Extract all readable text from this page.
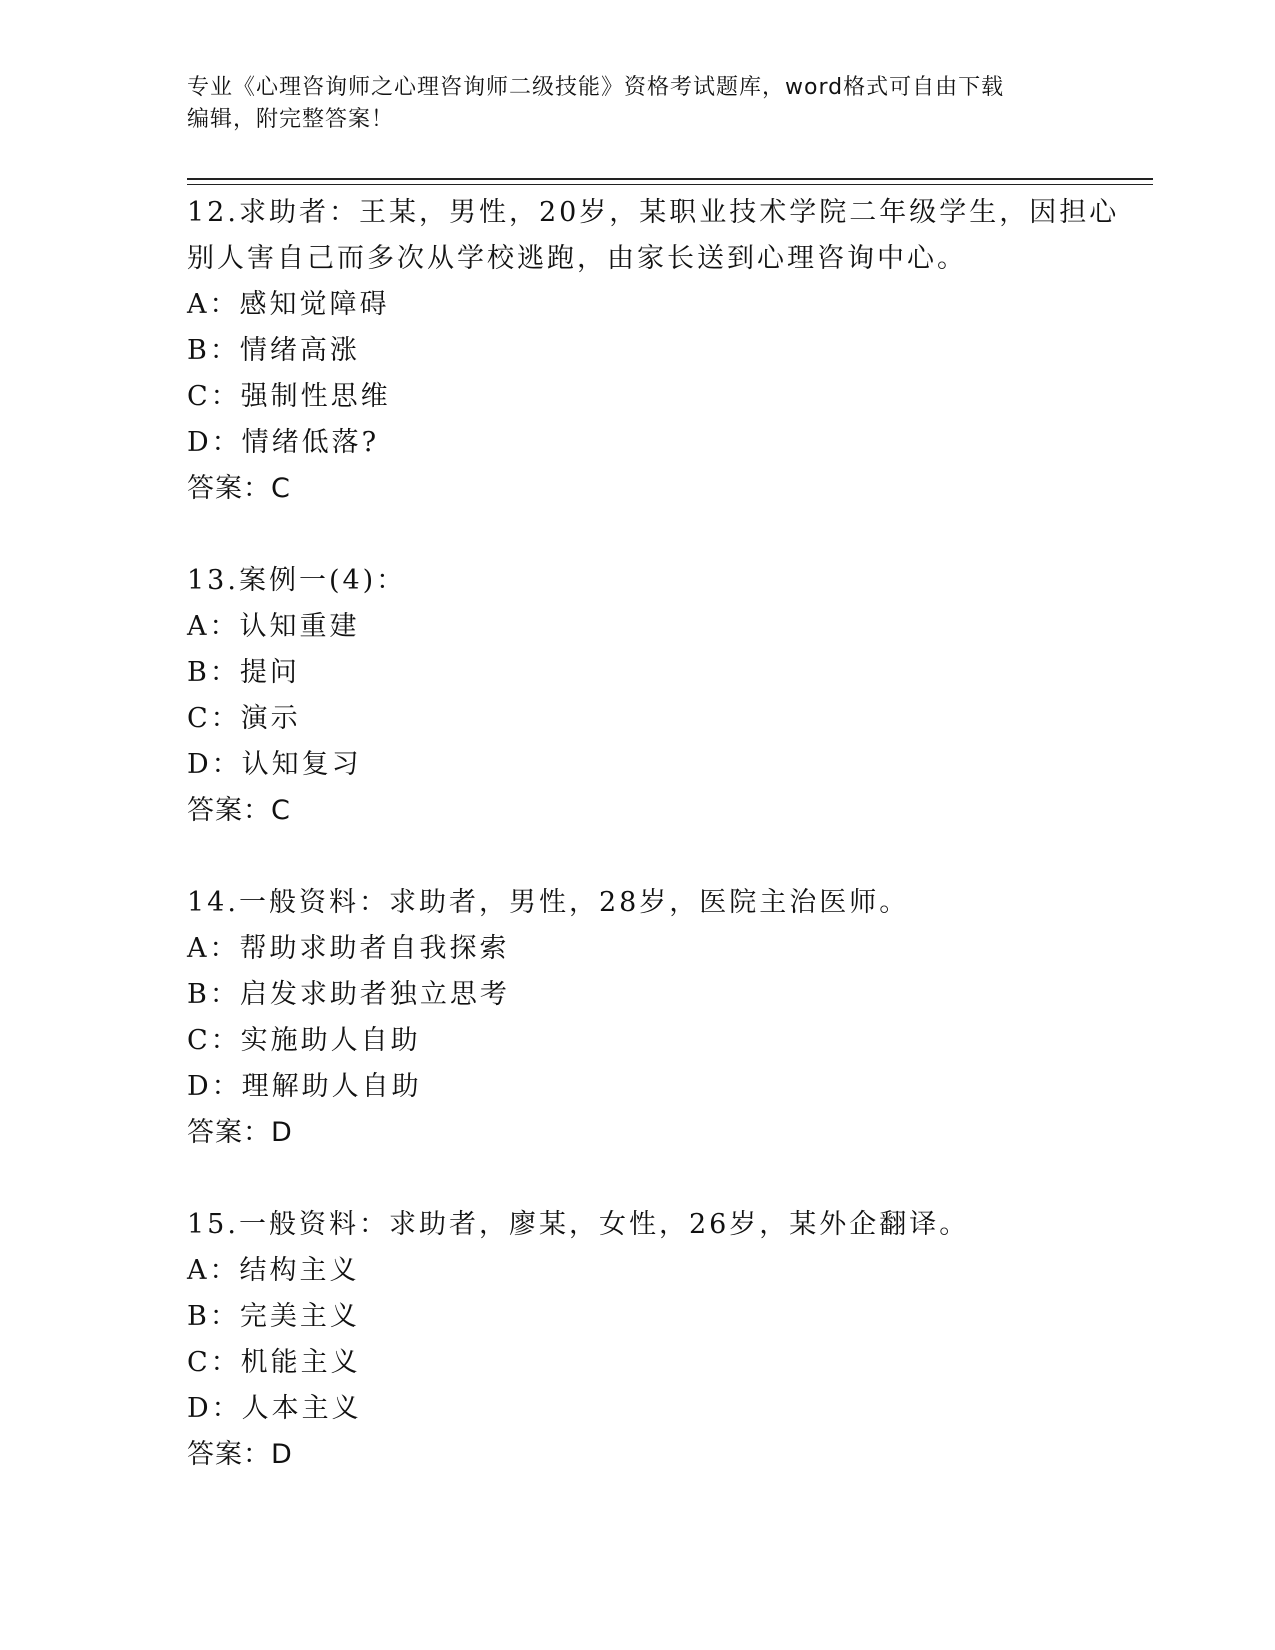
专业《心理咨询师之心理咨询师二级技能》资格考试题库，word格式可自由下载
编辑，附完整答案！
12.求助者：王某，男性，20岁，某职业技术学院二年级学生，因担心
别人害自己而多次从学校逃跑，由家长送到心理咨询中心。
A：感知觉障碍
B：情绪高涨
C：强制性思维
D：情绪低落?
答案：C
13.案例一(4)：
A：认知重建
B：提问
C：演示
D：认知复习
答案：C
14.一般资料：求助者，男性，28岁，医院主治医师。
A：帮助求助者自我探索
B：启发求助者独立思考
C：实施助人自助
D：理解助人自助
答案：D
15.一般资料：求助者，廖某，女性，26岁，某外企翻译。
A：结构主义
B：完美主义
C：机能主义
D：人本主义
答案：D
